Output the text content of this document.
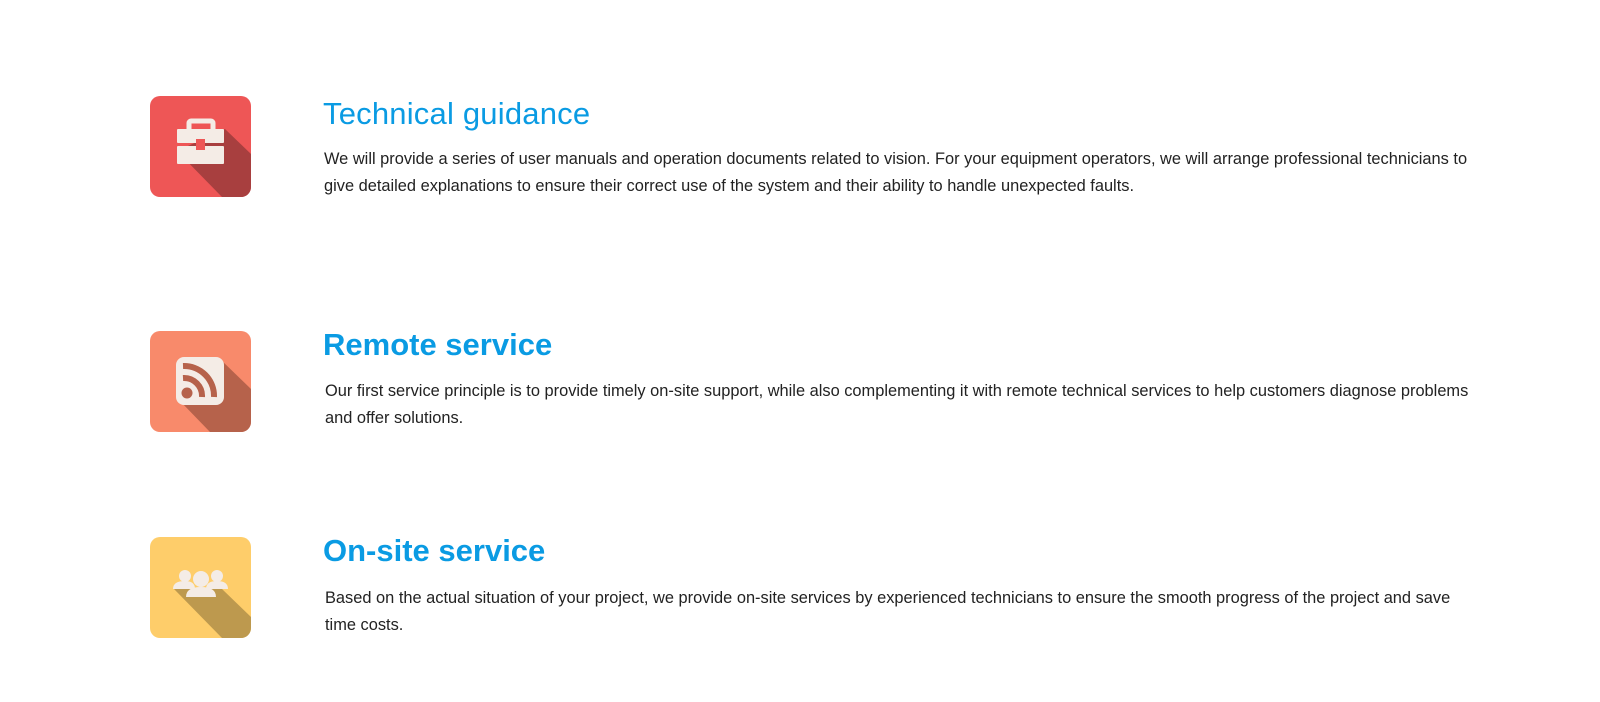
Technical guidance

We will provide a series of user manuals and operation documents related to vision. For your equipment operators, we will arrange professional technicians to give detailed explanations to ensure their correct use of the system and their ability to handle unexpected faults.

Remote service

Our first service principle is to provide timely on-site support, while also complementing it with remote technical services to help customers diagnose problems and offer solutions.

On-site service

Based on the actual situation of your project, we provide on-site services by experienced technicians to ensure the smooth progress of the project and save time costs.
